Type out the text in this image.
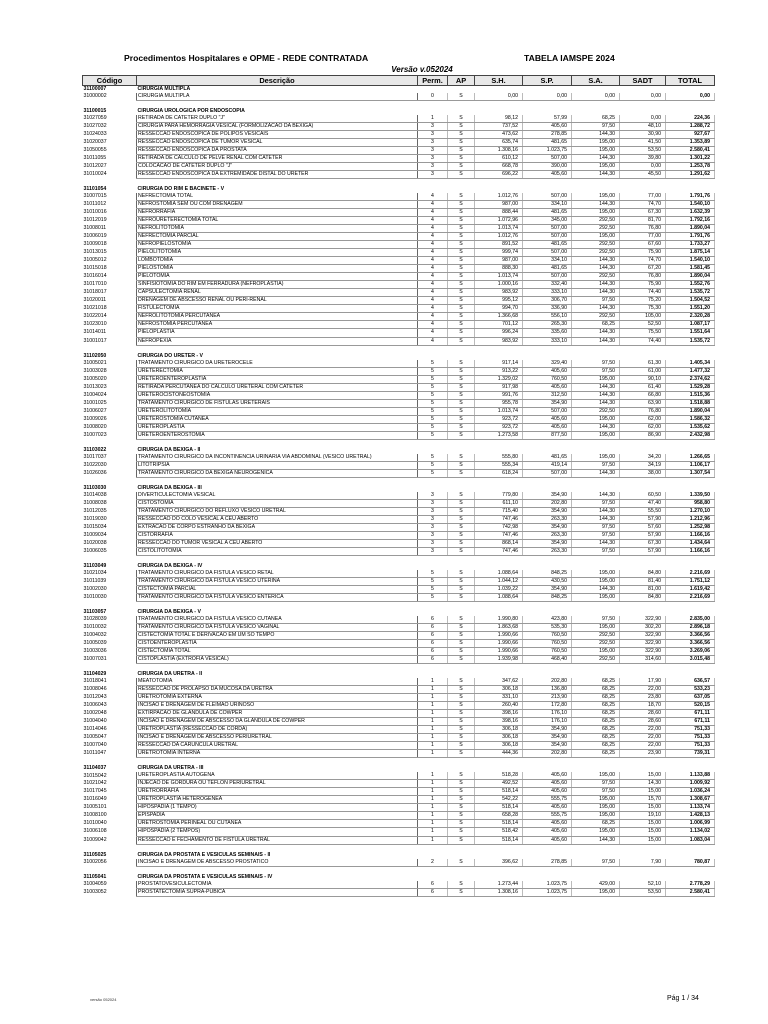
Procedimentos Hospitalares e OPME - REDE CONTRATADA	TABELA IAMSPE 2024
Versão v.052024
Código	Descrição	Perm.	AP	S.H.	S.P.	S.A.	SADT	TOTAL
31100007	CIRURGIA MULTIPLA							
31000002	CIRURGIA MULTIPLA	0	S	0,00	0,00	0,00	0,00	0,00

31100015	CIRURGIA UROLOGICA POR ENDOSCOPIA							
31027059	RETIRADA DE CATETER DUPLO "J"	1	S	98,12	57,99	68,25	0,00	224,36
31027032	CIRURGIA PARA HEMORRAGIA VESICAL (FORMOLIZACAO DA BEXIGA)	3	S	737,52	405,60	97,50	48,10	1.288,72
31024033	RESSECCAO ENDOSCOPICA DE POLIPOS VESICAIS	3	S	473,62	278,85	144,30	30,90	927,67
31020037	RESSECCAO ENDOSCOPICA DE TUMOR VESICAL	3	S	635,74	481,65	195,00	41,50	1.353,89
31050055	RESSECCAO ENDOSCOPICA DA PROSTATA	3	S	1.308,16	1.023,75	195,00	53,50	2.580,41
31011055	RETIRADA DE CALCULO DE PELVE RENAL COM CATETER	3	S	610,12	507,00	144,30	39,80	1.301,22
31012027	COLOCACAO DE CATETER DUPLO "J"	3	S	668,78	390,00	195,00	0,00	1.253,78
31010024	RESSECCAO ENDOSCOPICA DA EXTREMIDADE DISTAL DO URETER	3	S	696,22	405,60	144,30	45,50	1.291,62

31101054	CIRURGIA DO RIM E BACINETE - V							
31007015	NEFRECTOMIA TOTAL	4	S	1.012,76	507,00	195,00	77,00	1.791,76
31011012	NEFROSTOMIA SEM OU COM DRENAGEM	4	S	987,00	334,10	144,30	74,70	1.540,10
31010016	NEFRORRAFIA	4	S	888,44	481,65	195,00	67,30	1.632,39
31012019	NEFROURETERECTOMIA TOTAL	4	S	1.072,96	345,00	292,50	81,70	1.792,16
31008011	NEFROLITOTOMIA	4	S	1.013,74	507,00	292,50	76,80	1.890,04
31006019	NEFRECTOMIA PARCIAL	4	S	1.012,76	507,00	195,00	77,00	1.791,76
31009018	NEFROPIELOSTOMIA	4	S	891,52	481,65	292,50	67,60	1.733,27
31013015	PIELOLITOTOMIA	4	S	999,74	507,00	292,50	75,90	1.875,14
31005012	LOMBOTOMIA	4	S	987,00	334,10	144,30	74,70	1.540,10
31015018	PIELOSTOMIA	4	S	888,30	481,65	144,30	67,20	1.581,45
31016014	PIELOTOMIA	4	S	1.013,74	507,00	292,50	76,80	1.890,04
31017010	SINFISIOTOMIA DO RIM EM FERRADURA (NEFROPLASTIA)	4	S	1.000,16	332,40	144,30	75,90	1.552,76
31018017	CAPSULECTOMIA RENAL	4	S	983,92	333,10	144,30	74,40	1.535,72
31020011	DRENAGEM DE ABSCESSO RENAL OU PERI-RENAL	4	S	995,12	306,70	97,50	75,20	1.504,52
31021018	FISTULECTOMIA	4	S	994,70	336,90	144,30	75,30	1.551,20
31022014	NEFROLITOTOMIA PERCUTANEA	4	S	1.366,68	556,10	292,50	105,00	2.320,28
31023010	NEFROSTOMIA PERCUTANEA	4	S	701,12	265,30	68,25	52,50	1.087,17
31014011	PIELOPLASTIA	4	S	996,24	335,60	144,30	75,50	1.551,64
31001017	NEFROPEXIA	4	S	983,92	333,10	144,30	74,40	1.535,72

31102050	CIRURGIA DO URETER - V							
31005021	TRATAMENTO CIRURGICO DA URETEROCELE	5	S	917,14	329,40	97,50	61,30	1.405,34
31003028	URETERECTOMIA	5	S	913,22	405,60	97,50	61,00	1.477,32
31005020	URETEROENTEROPLASTIA	5	S	1.329,02	760,50	195,00	90,10	2.374,62
31013023	RETIRADA PERCUTANEA DO CALCULO URETERAL COM CATETER	5	S	917,98	405,60	144,30	61,40	1.529,28
31004024	URETEROCISTONEOSTOMIA	5	S	991,76	312,50	144,30	66,80	1.515,36
31001025	TRATAMENTO CIRURGICO DE FISTULAS URETERAIS	5	S	955,78	354,90	144,30	63,90	1.518,88
31006027	URETEROLITOTOMIA	5	S	1.013,74	507,00	292,50	76,80	1.890,04
31009026	URETEROSTOMIA CUTANEA	5	S	923,72	405,60	195,00	62,00	1.586,32
31008020	URETEROPLASTIA	5	S	923,72	405,60	144,30	62,00	1.535,62
31007023	URETEROENTEROSTOMIA	5	S	1.273,58	877,50	195,00	86,90	2.432,98

31103022	CIRURGIA DA BEXIGA - II							
31017037	TRATAMENTO CIRURGICO DA INCONTINENCIA URINARIA VIA ABDOMINAL (VESICO URETRAL)	5	S	555,80	481,65	195,00	34,20	1.266,65
31022030	LITOTRIPSIA	5	S	555,34	419,14	97,50	34,19	1.106,17
31026036	TRATAMENTO CIRURGICO DA BEXIGA NEUROGENICA	5	S	618,24	507,00	144,30	38,00	1.307,54

31103030	CIRURGIA DA BEXIGA - III							
31014038	DIVERTICULECTOMIA VESICAL	3	S	779,80	354,90	144,30	60,50	1.339,50
31008038	CISTOSTOMIA	3	S	611,10	202,80	97,50	47,40	958,80
31012035	TRATAMENTO CIRURGICO DO REFLUXO VESICO URETRAL	3	S	715,40	354,90	144,30	55,50	1.270,10
31019030	RESSECCAO DO COLO VESICAL A CEU ABERTO	3	S	747,46	263,30	144,30	57,90	1.212,96
31015034	EXTRACAO DE CORPO ESTRANHO DA BEXIGA	3	S	742,98	354,90	97,50	57,60	1.252,98
31009034	CISTORRAFIA	3	S	747,46	263,30	97,50	57,90	1.166,16
31020038	RESSECCAO DO TUMOR VESICAL A CEU ABERTO	3	S	868,14	354,90	144,30	67,30	1.434,64
31006035	CISTOLITOTOMIA	3	S	747,46	263,30	97,50	57,90	1.166,16

31103049	CIRURGIA DA BEXIGA - IV							
31021034	TRATAMENTO CIRURGICO DA FISTULA VESICO RETAL	5	S	1.088,64	848,25	195,00	84,80	2.216,69
31011039	TRATAMENTO CIRURGICO DA FISTULA VESICO UTERINA	5	S	1.044,12	430,50	195,00	81,40	1.751,12
31002030	CISTECTOMIA PARCIAL	5	S	1.039,22	354,90	144,30	81,00	1.619,42
31010030	TRATAMENTO CIRURGICO DA FISTULA VESICO ENTERICA	5	S	1.088,64	848,25	195,00	84,80	2.216,69

31103057	CIRURGIA DA BEXIGA - V							
31028039	TRATAMENTO CIRURGICO DA FISTULA VESICO CUTANEA	6	S	1.990,80	423,80	97,50	322,90	2.835,00
31010032	TRATAMENTO CIRURGICO DA FISTULA VESICO VAGINAL	6	S	1.863,68	535,30	195,00	302,20	2.896,18
31004032	CISTECTOMIA TOTAL E DERIVACAO EM UM SO TEMPO	6	S	1.990,66	760,50	292,50	322,90	3.366,56
31005039	CISTOENTEROPLASTIA	6	S	1.990,66	760,50	292,50	322,90	3.366,56
31003036	CISTECTOMIA TOTAL	6	S	1.990,66	760,50	195,00	322,90	3.269,06
31007031	CISTOPLASTIA (EXTROFIA VESICAL)	6	S	1.939,98	468,40	292,50	314,60	3.015,48

31104029	CIRURGIA DA URETRA - II							
31018041	MEATOTOMIA	1	S	347,62	202,80	68,25	17,90	636,57
31008046	RESSECCAO DE PROLAPSO DA MUCOSA DA URETRA	1	S	306,18	136,80	68,25	22,00	533,23
31012043	URETROTOMIA EXTERNA	1	S	331,10	213,90	68,25	23,80	637,05
31006043	INCISAO E DRENAGEM DE FLEIMAO URINOSO	1	S	260,40	172,80	68,25	18,70	520,15
31002048	EXTIRPACAO DE GLANDULA DE COWPER	1	S	398,16	176,10	68,25	28,60	671,11
31004040	INCISAO E DRENAGEM DE ABSCESSO DA GLANDULA DE COWPER	1	S	398,16	176,10	68,25	28,60	671,11
31014046	URETROPLASTIA (RESSECCAO DE CORDA)	1	S	306,18	354,90	68,25	22,00	751,33
31005047	INCISAO E DRENAGEM DE ABSCESSO PERIURETRAL	1	S	306,18	354,90	68,25	22,00	751,33
31007040	RESSECCAO DA CARUNCULA URETRAL	1	S	306,18	354,90	68,25	22,00	751,33
31011047	URETROTOMIA INTERNA	1	S	444,36	202,80	68,25	23,90	739,31

31104037	CIRURGIA DA URETRA - III							
31015042	URETEROPLASTIA AUTOGENA	1	S	518,28	405,60	195,00	15,00	1.133,88
31021042	INJECAO DE GORDURA OU TEFLON PERIURETRAL	1	S	492,52	405,60	97,50	14,30	1.009,92
31017045	URETRORRAFIA	1	S	518,14	405,60	97,50	15,00	1.036,24
31016049	URETROPLASTIA HETEROGENEA	1	S	542,22	555,75	195,00	15,70	1.308,67
31005101	HIPOSPADIA (1 TEMPO)	1	S	518,14	405,60	195,00	15,00	1.133,74
31008100	EPISPADIA	1	S	658,28	555,75	195,00	19,10	1.428,13
31010040	URETROSTOMIA PERINEAL OU CUTANEA	1	S	518,14	405,60	68,25	15,00	1.006,99
31006108	HIPOSPADIA (2 TEMPOS)	1	S	518,42	405,60	195,00	15,00	1.134,02
31009042	RESSECCAO E FECHAMENTO DE FISTULA URETRAL	1	S	518,14	405,60	144,30	15,00	1.083,04

31105025	CIRURGIA DA PROSTATA E VESICULAS SEMINAIS - II							
31002056	INCISAO E DRENAGEM DE ABSCESSO PROSTATICO	2	S	396,62	278,85	97,50	7,90	780,87

31105041	CIRURGIA DA PROSTATA E VESICULAS SEMINAIS - IV							
31004059	PROSTATOVESICULECTOMIA	6	S	1.273,44	1.023,75	429,00	52,10	2.778,29
31003052	PROSTATECTOMIA SUPRA-PUBICA	6	S	1.308,16	1.023,75	195,00	53,50	2.580,41
versão 052024	Pág 1 / 34
